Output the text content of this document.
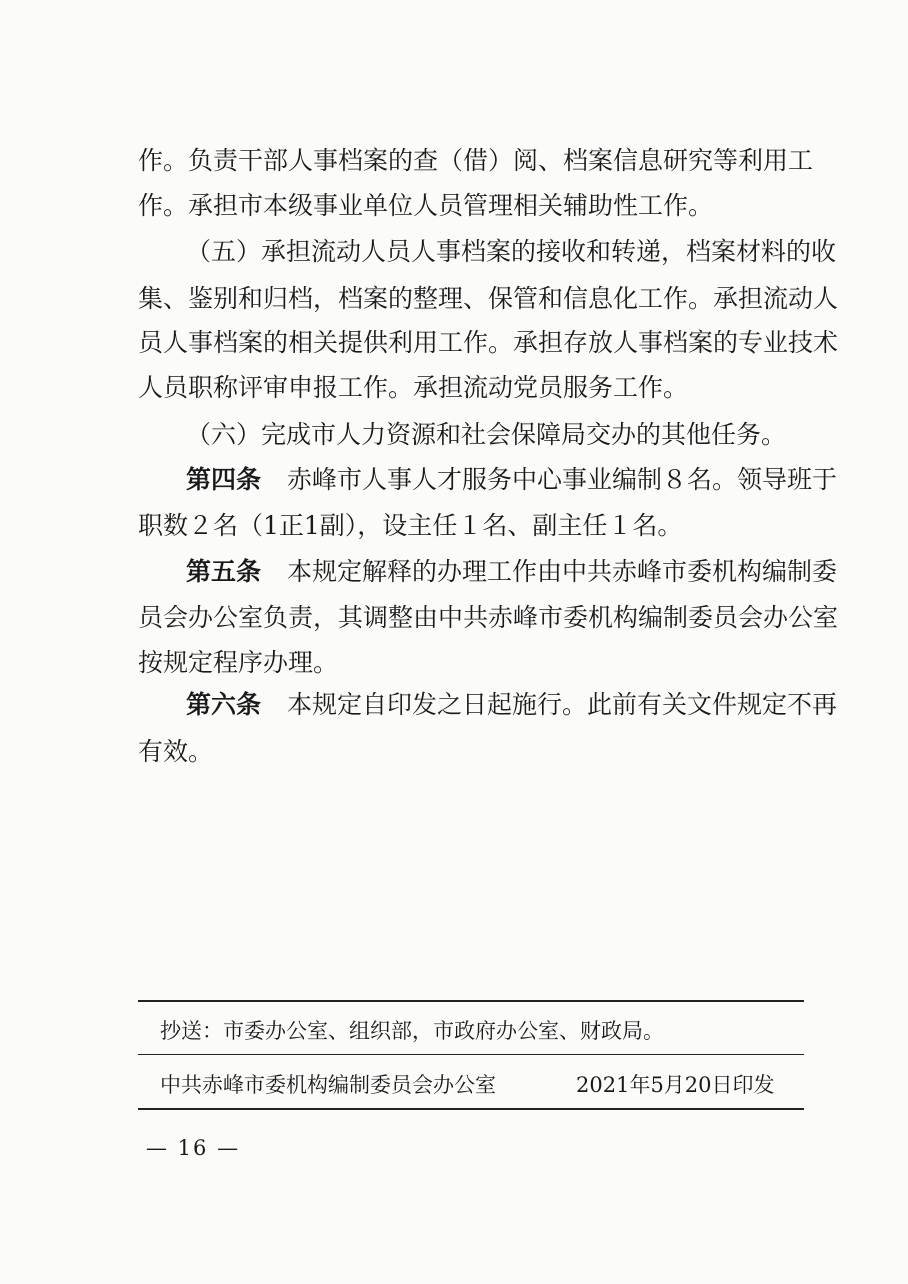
作。负责干部人事档案的查（借）阅、档案信息研究等利用工
作。承担市本级事业单位人员管理相关辅助性工作。
（五）承担流动人员人事档案的接收和转递，档案材料的收
集、鉴别和归档，档案的整理、保管和信息化工作。承担流动人
员人事档案的相关提供利用工作。承担存放人事档案的专业技术
人员职称评审申报工作。承担流动党员服务工作。
（六）完成市人力资源和社会保障局交办的其他任务。
第四条 赤峰市人事人才服务中心事业编制８名。领导班于
职数２名（1正1副），设主任１名、副主任１名。
第五条 本规定解释的办理工作由中共赤峰市委机构编制委
员会办公室负责，其调整由中共赤峰市委机构编制委员会办公室
按规定程序办理。
第六条 本规定自印发之日起施行。此前有关文件规定不再
有效。
抄送：市委办公室、组织部，市政府办公室、财政局。
中共赤峰市委机构编制委员会办公室	2021年5月20日印发
— 16 —
